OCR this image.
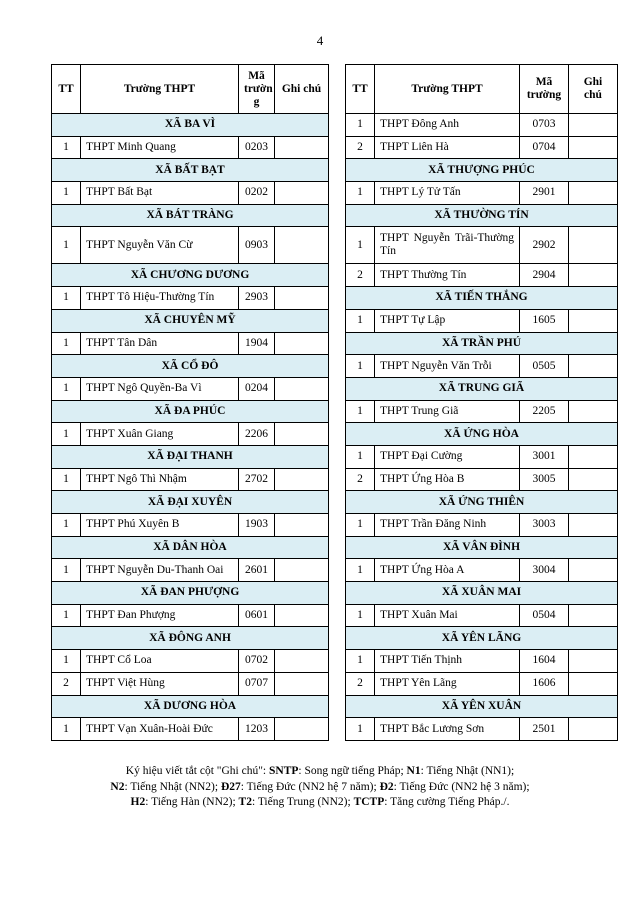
4
TT	Trường THPT	Mã trườn g	Ghi chú
XÃ BA VÌ			
1	THPT Minh Quang	0203	
XÃ BẤT BẠT			
1	THPT Bất Bạt	0202	
XÃ BÁT TRÀNG			
1	THPT Nguyễn Văn Cừ	0903	
XÃ CHƯƠNG DƯƠNG			
1	THPT Tô Hiệu-Thường Tín	2903	
XÃ CHUYÊN MỸ			
1	THPT Tân Dân	1904	
XÃ CỔ ĐÔ			
1	THPT Ngô Quyền-Ba Vì	0204	
XÃ ĐA PHÚC			
1	THPT Xuân Giang	2206	
XÃ ĐẠI THANH			
1	THPT Ngô Thì Nhậm	2702	
XÃ ĐẠI XUYÊN			
1	THPT Phú Xuyên B	1903	
XÃ DÂN HÒA			
1	THPT Nguyễn Du-Thanh Oai	2601	
XÃ ĐAN PHƯỢNG			
1	THPT Đan Phượng	0601	
XÃ ĐÔNG ANH			
1	THPT Cổ Loa	0702	
2	THPT Việt Hùng	0707	
XÃ DƯƠNG HÒA			
1	THPT Vạn Xuân-Hoài Đức	1203	
TT	Trường THPT	Mã trường	Ghi chú
1	THPT Đông Anh	0703	
2	THPT Liên Hà	0704	
XÃ THƯỢNG PHÚC			
1	THPT Lý Tử Tấn	2901	
XÃ THƯỜNG TÍN			
1	THPT Nguyễn Trãi-Thường Tín	2902	
2	THPT Thường Tín	2904	
XÃ TIẾN THẮNG			
1	THPT Tự Lập	1605	
XÃ TRẦN PHÚ			
1	THPT Nguyễn Văn Trỗi	0505	
XÃ TRUNG GIÃ			
1	THPT Trung Giã	2205	
XÃ ỨNG HÒA			
1	THPT Đại Cường	3001	
2	THPT Ứng Hòa B	3005	
XÃ ỨNG THIÊN			
1	THPT Trần Đăng Ninh	3003	
XÃ VÂN ĐÌNH			
1	THPT Ứng Hòa A	3004	
XÃ XUÂN MAI			
1	THPT Xuân Mai	0504	
XÃ YÊN LÃNG			
1	THPT Tiến Thịnh	1604	
2	THPT Yên Lãng	1606	
XÃ YÊN XUÂN			
1	THPT Bắc Lương Sơn	2501	
Ký hiệu viết tắt cột "Ghi chú": SNTP: Song ngữ tiếng Pháp; N1: Tiếng Nhật (NN1);
N2: Tiếng Nhật (NN2); Đ27: Tiếng Đức (NN2 hệ 7 năm); Đ2: Tiếng Đức (NN2 hệ 3 năm);
H2: Tiếng Hàn (NN2); T2: Tiếng Trung (NN2); TCTP: Tăng cường Tiếng Pháp./.
